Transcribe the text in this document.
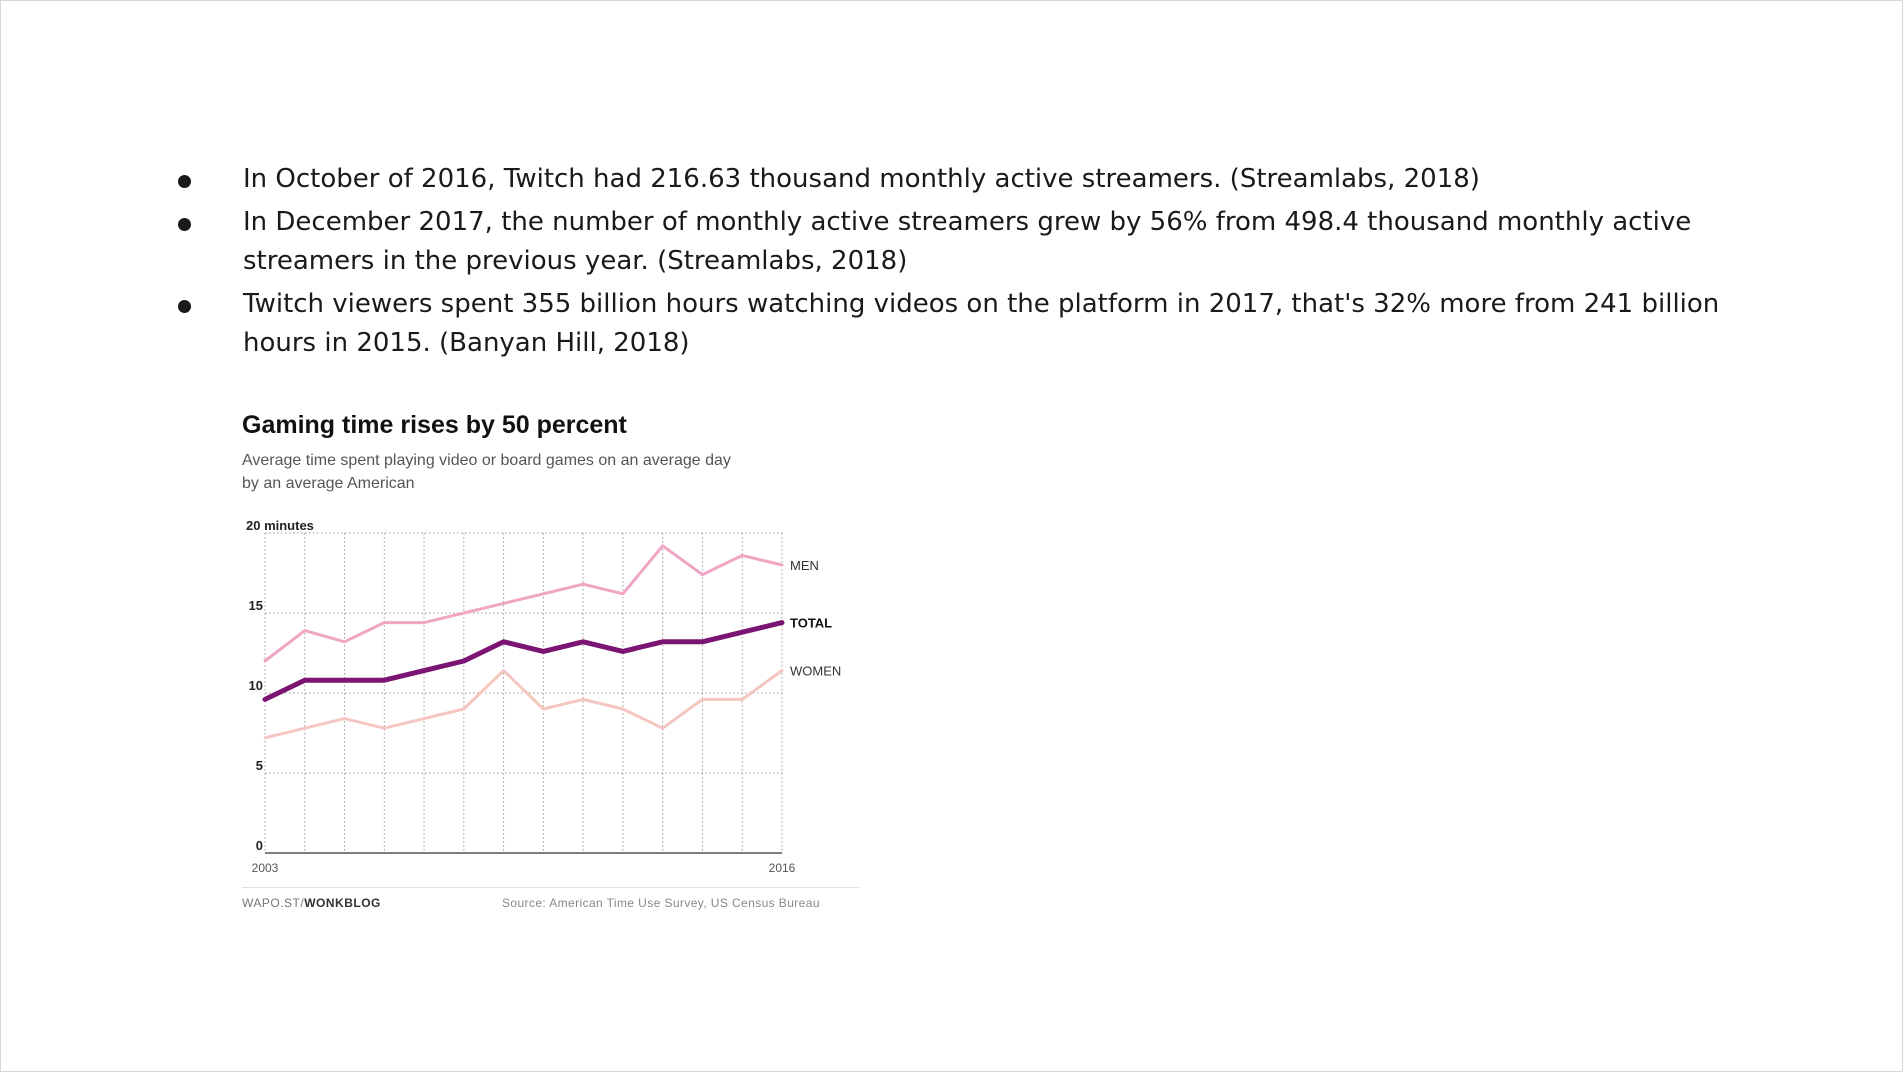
In October of 2016, Twitch had 216.63 thousand monthly active streamers. (Streamlabs, 2018)
In December 2017, the number of monthly active streamers grew by 56% from 498.4 thousand monthly active streamers in the previous year. (Streamlabs, 2018)
Twitch viewers spent 355 billion hours watching videos on the platform in 2017, that's 32% more from 241 billion hours in 2015. (Banyan Hill, 2018)
Gaming time rises by 50 percent
Average time spent playing video or board games on an average day
by an average American
0
5
10
15
20 minutes
2003	2016
MEN
TOTAL
WOMEN
WAPO.ST/WONKBLOG	Source: American Time Use Survey, US Census Bureau
